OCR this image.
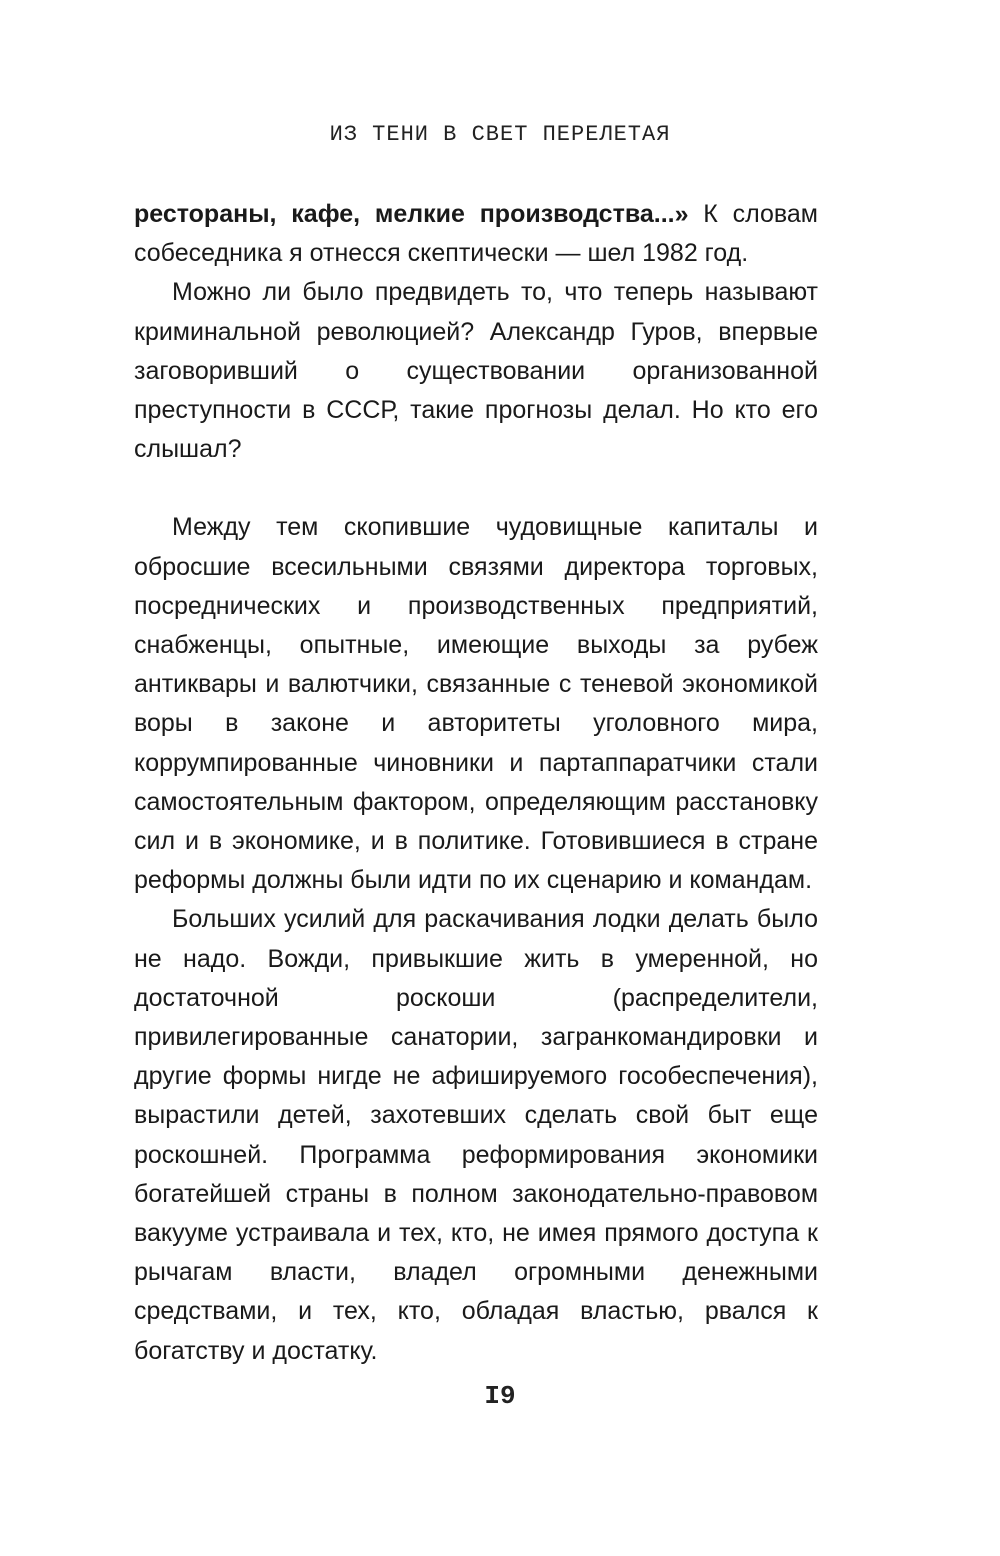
ИЗ ТЕНИ В СВЕТ ПЕРЕЛЕТАЯ

рестораны, кафе, мелкие производства...» К словам собеседника я отнесся скептически — шел 1982 год.

Можно ли было предвидеть то, что теперь называют криминальной революцией? Александр Гуров, впервые заговоривший о существовании организованной преступности в СССР, такие прогнозы делал. Но кто его слышал?

Между тем скопившие чудовищные капиталы и обросшие всесильными связями директора торговых, посреднических и производственных предприятий, снабженцы, опытные, имеющие выходы за рубеж антиквары и валютчики, связанные с теневой экономикой воры в законе и авторитеты уголовного мира, коррумпированные чиновники и партаппаратчики стали самостоятельным фактором, определяющим расстановку сил и в экономике, и в политике. Готовившиеся в стране реформы должны были идти по их сценарию и командам.

Больших усилий для раскачивания лодки делать было не надо. Вожди, привыкшие жить в умеренной, но достаточной роскоши (распределители, привилегированные санатории, загранкомандировки и другие формы нигде не афишируемого гособеспечения), вырастили детей, захотевших сделать свой быт еще роскошней. Программа реформирования экономики богатейшей страны в полном законодательно-правовом вакууме устраивала и тех, кто, не имея прямого доступа к рычагам власти, владел огромными денежными средствами, и тех, кто, обладая властью, рвался к богатству и достатку.

I9
